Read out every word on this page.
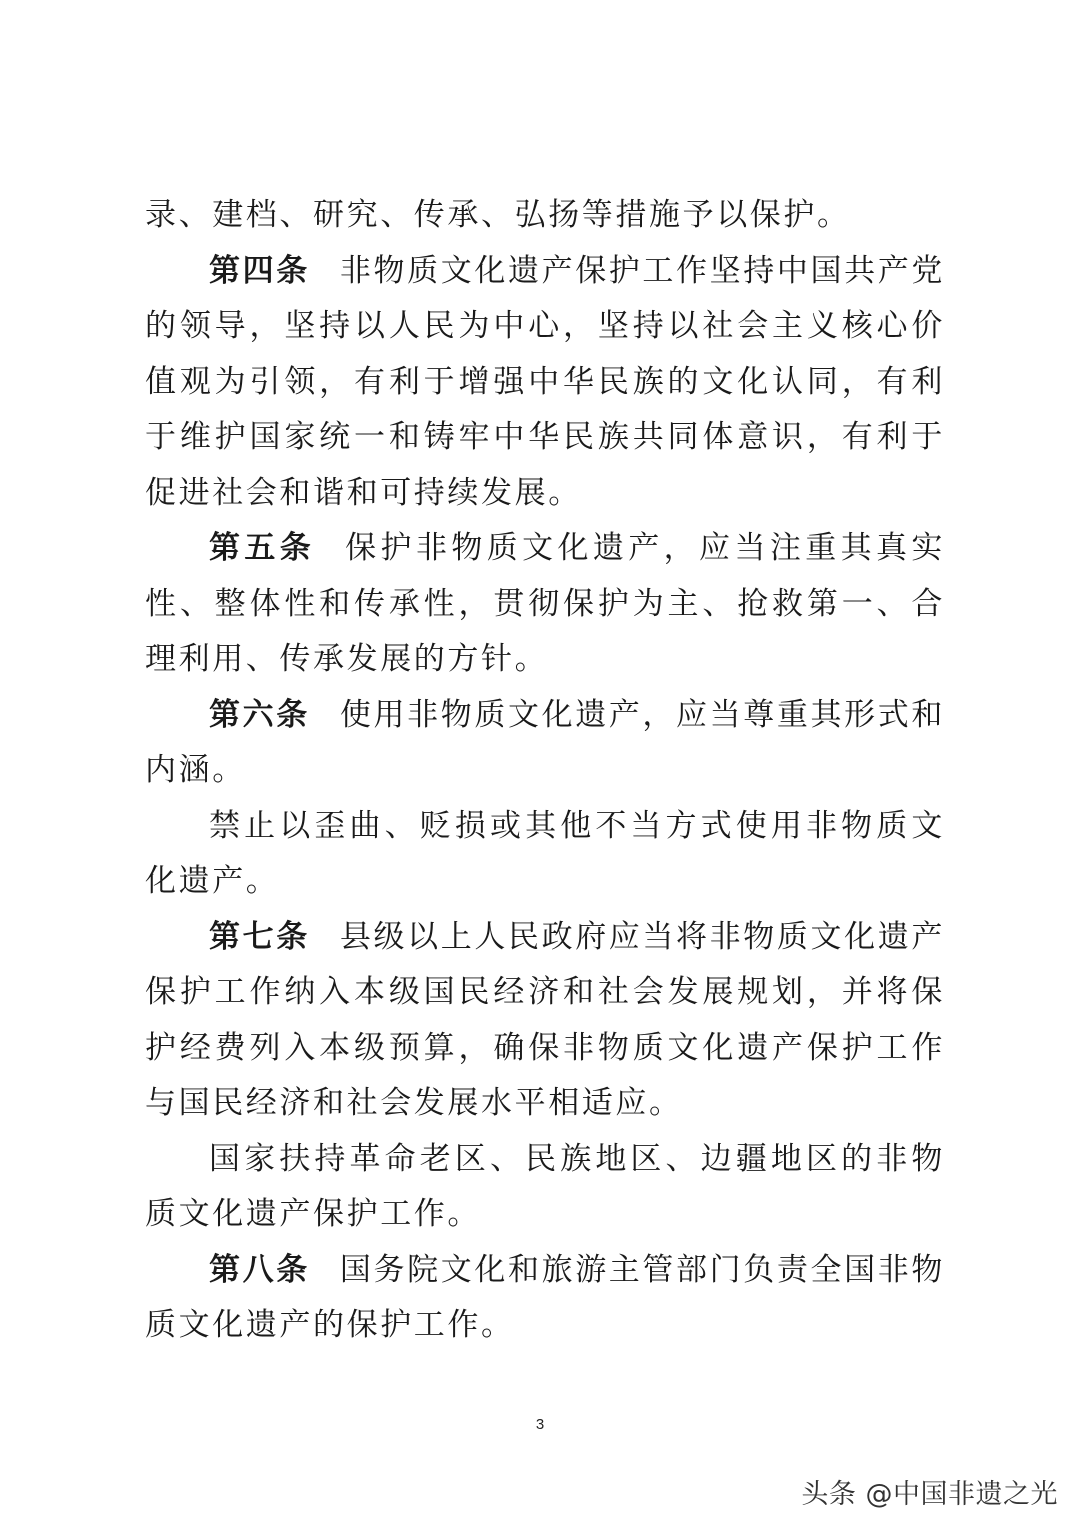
录、建档、研究、传承、弘扬等措施予以保护。

第四条 非物质文化遗产保护工作坚持中国共产党的领导，坚持以人民为中心，坚持以社会主义核心价值观为引领，有利于增强中华民族的文化认同，有利于维护国家统一和铸牢中华民族共同体意识，有利于促进社会和谐和可持续发展。

第五条 保护非物质文化遗产，应当注重其真实性、整体性和传承性，贯彻保护为主、抢救第一、合理利用、传承发展的方针。

第六条 使用非物质文化遗产，应当尊重其形式和内涵。

禁止以歪曲、贬损或其他不当方式使用非物质文化遗产。

第七条 县级以上人民政府应当将非物质文化遗产保护工作纳入本级国民经济和社会发展规划，并将保护经费列入本级预算，确保非物质文化遗产保护工作与国民经济和社会发展水平相适应。

国家扶持革命老区、民族地区、边疆地区的非物质文化遗产保护工作。

第八条 国务院文化和旅游主管部门负责全国非物质文化遗产的保护工作。

3
头条 @中国非遗之光
